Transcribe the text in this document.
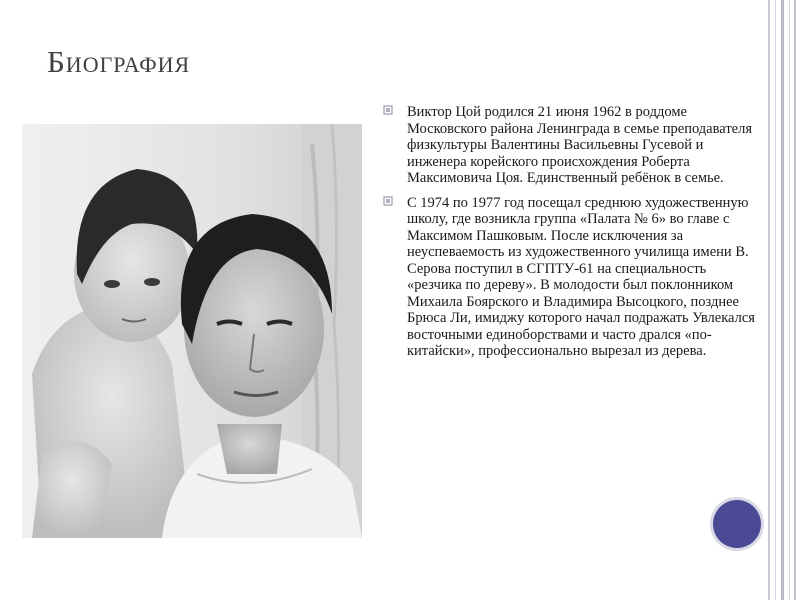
Биография
Виктор Цой родился 21 июня 1962 в роддоме Московского района Ленинграда в семье преподавателя физкультуры Валентины Васильевны Гусевой и инженера корейского происхождения Роберта Максимовича Цоя. Единственный ребёнок в семье.
С 1974 по 1977 год посещал среднюю художественную школу, где возникла группа «Палата № 6» во главе с Максимом Пашковым. После исключения за неуспеваемость из художественного училища имени В. Серова поступил в СГПТУ-61 на специальность «резчика по дереву». В молодости был поклонником Михаила Боярского и Владимира Высоцкого, позднее Брюса Ли, имиджу которого начал подражать Увлекался восточными единоборствами и часто дрался «по-китайски», профессионально вырезал из дерева.
